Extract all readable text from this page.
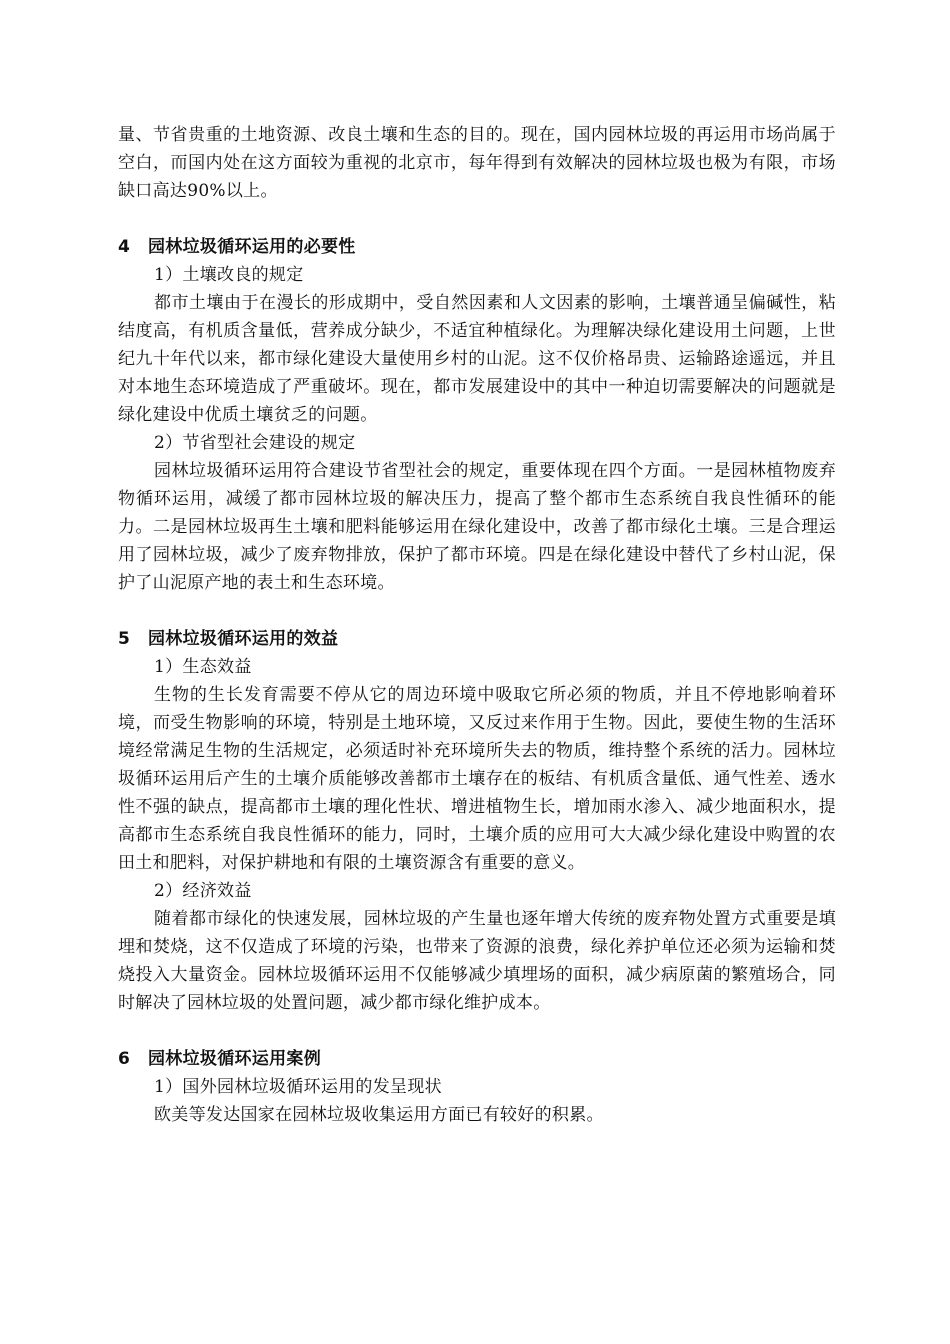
量、节省贵重的土地资源、改良土壤和生态的目的。现在，国内园林垃圾的再运用市场尚属于空白，而国内处在这方面较为重视的北京市，每年得到有效解决的园林垃圾也极为有限，市场缺口高达90%以上。

4 园林垃圾循环运用的必要性

1）土壤改良的规定

都市土壤由于在漫长的形成期中，受自然因素和人文因素的影响，土壤普通呈偏碱性，粘结度高，有机质含量低，营养成分缺少，不适宜种植绿化。为理解决绿化建设用土问题，上世纪九十年代以来，都市绿化建设大量使用乡村的山泥。这不仅价格昂贵、运输路途遥远，并且对本地生态环境造成了严重破坏。现在，都市发展建设中的其中一种迫切需要解决的问题就是绿化建设中优质土壤贫乏的问题。

2）节省型社会建设的规定

园林垃圾循环运用符合建设节省型社会的规定，重要体现在四个方面。一是园林植物废弃物循环运用，减缓了都市园林垃圾的解决压力，提高了整个都市生态系统自我良性循环的能力。二是园林垃圾再生土壤和肥料能够运用在绿化建设中，改善了都市绿化土壤。三是合理运用了园林垃圾，减少了废弃物排放，保护了都市环境。四是在绿化建设中替代了乡村山泥，保护了山泥原产地的表土和生态环境。

5 园林垃圾循环运用的效益

1）生态效益

生物的生长发育需要不停从它的周边环境中吸取它所必须的物质，并且不停地影响着环境，而受生物影响的环境，特别是土地环境，又反过来作用于生物。因此，要使生物的生活环境经常满足生物的生活规定，必须适时补充环境所失去的物质，维持整个系统的活力。园林垃圾循环运用后产生的土壤介质能够改善都市土壤存在的板结、有机质含量低、通气性差、透水性不强的缺点，提高都市土壤的理化性状、增进植物生长，增加雨水渗入、减少地面积水，提高都市生态系统自我良性循环的能力，同时，土壤介质的应用可大大减少绿化建设中购置的农田土和肥料，对保护耕地和有限的土壤资源含有重要的意义。

2）经济效益

随着都市绿化的快速发展，园林垃圾的产生量也逐年增大传统的废弃物处置方式重要是填埋和焚烧，这不仅造成了环境的污染，也带来了资源的浪费，绿化养护单位还必须为运输和焚烧投入大量资金。园林垃圾循环运用不仅能够减少填埋场的面积，减少病原菌的繁殖场合，同时解决了园林垃圾的处置问题，减少都市绿化维护成本。

6 园林垃圾循环运用案例

1）国外园林垃圾循环运用的发呈现状

欧美等发达国家在园林垃圾收集运用方面已有较好的积累。
